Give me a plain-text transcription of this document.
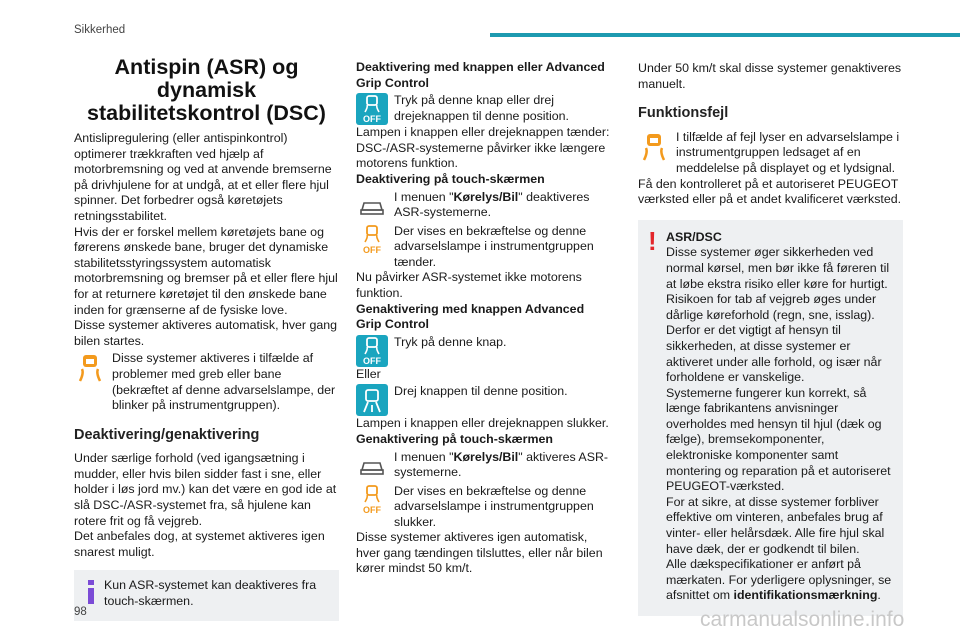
Sikkerhed
Antispin (ASR) og dynamisk stabilitetskontrol (DSC)

Antislipregulering (eller antispinkontrol) optimerer trækkraften ved hjælp af motorbremsning og ved at anvende bremserne på drivhjulene for at undgå, at et eller flere hjul spinner. Det forbedrer også køretøjets retningsstabilitet.

Hvis der er forskel mellem køretøjets bane og førerens ønskede bane, bruger det dynamiske stabilitetsstyringssystem automatisk motorbremsning og bremser på et eller flere hjul for at returnere køretøjet til den ønskede bane inden for grænserne af de fysiske love.

Disse systemer aktiveres automatisk, hver gang bilen startes.

Disse systemer aktiveres i tilfælde af problemer med greb eller bane (bekræftet af denne advarselslampe, der blinker på instrumentgruppen).

Deaktivering/genaktivering

Under særlige forhold (ved igangsætning i mudder, eller hvis bilen sidder fast i sne, eller holder i løs jord mv.) kan det være en god ide at slå DSC-/ASR-systemet fra, så hjulene kan rotere frit og få vejgreb.

Det anbefales dog, at systemet aktiveres igen snarest muligt.

Kun ASR-systemet kan deaktiveres fra touch-skærmen.

Deaktivering med knappen eller Advanced Grip Control

OFF

Tryk på denne knap eller drej drejeknappen til denne position.

Lampen i knappen eller drejeknappen tænder: DSC-/ASR-systemerne påvirker ikke længere motorens funktion.

Deaktivering på touch-skærmen

I menuen "Kørelys/Bil" deaktiveres ASR-systemerne.

OFF

Der vises en bekræftelse og denne advarselslampe i instrumentgruppen tænder.

Nu påvirker ASR-systemet ikke motorens funktion.

Genaktivering med knappen Advanced Grip Control

OFF

Tryk på denne knap.

Eller

Drej knappen til denne position.

Lampen i knappen eller drejeknappen slukker.

Genaktivering på touch-skærmen

I menuen "Kørelys/Bil" aktiveres ASR-systemerne.

OFF

Der vises en bekræftelse og denne advarselslampe i instrumentgruppen slukker.

Disse systemer aktiveres igen automatisk, hver gang tændingen tilsluttes, eller når bilen kører mindst 50 km/t.

Under 50 km/t skal disse systemer genaktiveres manuelt.

Funktionsfejl

I tilfælde af fejl lyser en advarselslampe i instrumentgruppen ledsaget af en meddelelse på displayet og et lydsignal.

Få den kontrolleret på et autoriseret PEUGEOT værksted eller på et andet kvalificeret værksted.

! ASR/DSC

Disse systemer øger sikkerheden ved normal kørsel, men bør ikke få føreren til at løbe ekstra risiko eller køre for hurtigt.

Risikoen for tab af vejgreb øges under dårlige køreforhold (regn, sne, isslag). Derfor er det vigtigt af hensyn til sikkerheden, at disse systemer er aktiveret under alle forhold, og især når forholdene er vanskelige.

Systemerne fungerer kun korrekt, så længe fabrikantens anvisninger overholdes med hensyn til hjul (dæk og fælge), bremsekomponenter, elektroniske komponenter samt montering og reparation på et autoriseret PEUGEOT-værksted.

For at sikre, at disse systemer forbliver effektive om vinteren, anbefales brug af vinter- eller helårsdæk. Alle fire hjul skal have dæk, der er godkendt til bilen.

Alle dækspecifikationer er anført på mærkaten. For yderligere oplysninger, se afsnittet om identifikationsmærkning.

98	carmanualsonline.info
